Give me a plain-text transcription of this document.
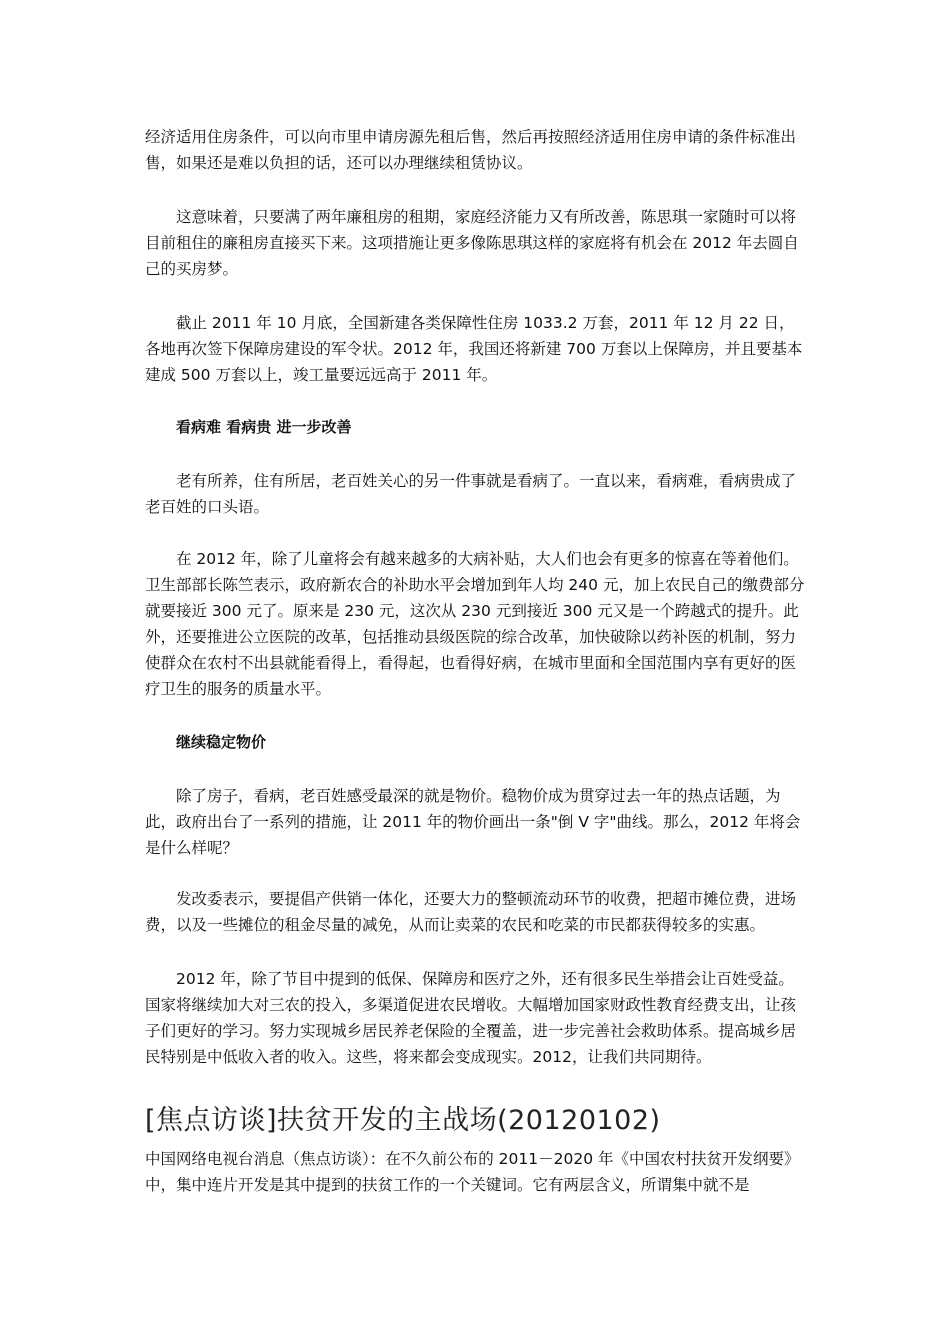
经济适用住房条件，可以向市里申请房源先租后售，然后再按照经济适用住房申请的条件标准出售，如果还是难以负担的话，还可以办理继续租赁协议。

这意味着，只要满了两年廉租房的租期，家庭经济能力又有所改善，陈思琪一家随时可以将目前租住的廉租房直接买下来。这项措施让更多像陈思琪这样的家庭将有机会在 2012 年去圆自己的买房梦。

截止 2011 年 10 月底，全国新建各类保障性住房 1033.2 万套，2011 年 12 月 22 日，各地再次签下保障房建设的军令状。2012 年，我国还将新建 700 万套以上保障房，并且要基本建成 500 万套以上，竣工量要远远高于 2011 年。

看病难 看病贵 进一步改善

老有所养，住有所居，老百姓关心的另一件事就是看病了。一直以来，看病难，看病贵成了老百姓的口头语。

在 2012 年，除了儿童将会有越来越多的大病补贴，大人们也会有更多的惊喜在等着他们。卫生部部长陈竺表示，政府新农合的补助水平会增加到年人均 240 元，加上农民自己的缴费部分就要接近 300 元了。原来是 230 元，这次从 230 元到接近 300 元又是一个跨越式的提升。此外，还要推进公立医院的改革，包括推动县级医院的综合改革，加快破除以药补医的机制，努力使群众在农村不出县就能看得上，看得起，也看得好病，在城市里面和全国范围内享有更好的医疗卫生的服务的质量水平。

继续稳定物价

除了房子，看病，老百姓感受最深的就是物价。稳物价成为贯穿过去一年的热点话题，为此，政府出台了一系列的措施，让 2011 年的物价画出一条"倒 V 字"曲线。那么，2012 年将会是什么样呢？

发改委表示，要提倡产供销一体化，还要大力的整顿流动环节的收费，把超市摊位费，进场费，以及一些摊位的租金尽量的减免，从而让卖菜的农民和吃菜的市民都获得较多的实惠。

2012 年，除了节目中提到的低保、保障房和医疗之外，还有很多民生举措会让百姓受益。国家将继续加大对三农的投入，多渠道促进农民增收。大幅增加国家财政性教育经费支出，让孩子们更好的学习。努力实现城乡居民养老保险的全覆盖，进一步完善社会救助体系。提高城乡居民特别是中低收入者的收入。这些，将来都会变成现实。2012，让我们共同期待。

[焦点访谈]扶贫开发的主战场(20120102)

中国网络电视台消息（焦点访谈）：在不久前公布的 2011－2020 年《中国农村扶贫开发纲要》中，集中连片开发是其中提到的扶贫工作的一个关键词。它有两层含义，所谓集中就不是
